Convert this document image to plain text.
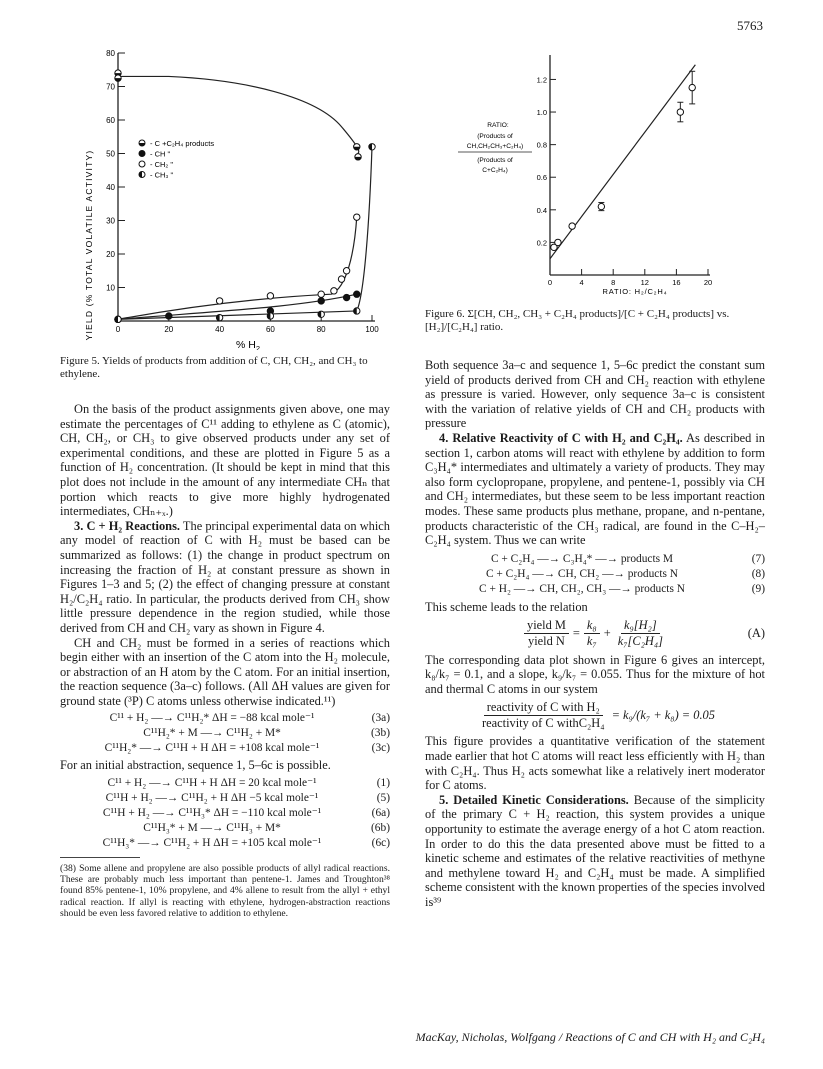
5763
10
20
30
40
50
60
70
80
0	20	40	60	80	100
YIELD (% TOTAL VOLATILE ACTIVITY)
% $H_2$
- C +C₂H₄ products
- CH "
- CH₂ "
- CH₃ "
Figure 5. Yields of products from addition of C, CH, CH₂, and CH₃ to ethylene.
0.2
0.4
0.6
0.8
1.0
1.2
0	4	8	12	16	20
RATIO:
(Products of
CH,CH₂CH₃+C₂H₄)
(Products of
C+C₂H₄)
RATIO: H₂/C₂H₄
Figure 6. Σ[CH, CH₂, CH₃ + C₂H₄ products]/[C + C₂H₄ products] vs. [H₂]/[C₂H₄] ratio.

On the basis of the product assignments given above, one may estimate the percentages of C¹¹ adding to ethylene as C (atomic), CH, CH₂, or CH₃ to give observed products under any set of experimental conditions, and these are plotted in Figure 5 as a function of H₂ concentration. (It should be kept in mind that this plot does not include in the amount of any intermediate CHₙ that portion which reacts to give more highly hydrogenated intermediates, CHₙ₊ₓ.)

3. C + H₂ Reactions. The principal experimental data on which any model of reaction of C with H₂ must be based can be summarized as follows: (1) the change in product spectrum on increasing the fraction of H₂ at constant pressure as shown in Figures 1–3 and 5; (2) the effect of changing pressure at constant H₂/C₂H₄ ratio. In particular, the products derived from CH₃ show little pressure dependence in the region studied, while those derived from CH and CH₂ vary as shown in Figure 4.

CH and CH₂ must be formed in a series of reactions which begin either with an insertion of the C atom into the H₂ molecule, or abstraction of an H atom by the C atom. For an initial insertion, the reaction sequence (3a–c) follows. (All ΔH values are given for ground state (³P) C atoms unless otherwise indicated.¹¹)

C¹¹ + H₂ —→ C¹¹H₂* ΔH = −88 kcal mole⁻¹	(3a)
C¹¹H₂* + M —→ C¹¹H₂ + M*	(3b)
C¹¹H₂* —→ C¹¹H + H ΔH = +108 kcal mole⁻¹	(3c)

For an initial abstraction, sequence 1, 5–6c is possible.

C¹¹ + H₂ —→ C¹¹H + H ΔH = 20 kcal mole⁻¹	(1)
C¹¹H + H₂ —→ C¹¹H₂ + H ΔH −5 kcal mole⁻¹	(5)
C¹¹H + H₂ —→ C¹¹H₃* ΔH = −110 kcal mole⁻¹	(6a)
C¹¹H₃* + M —→ C¹¹H₃ + M*	(6b)
C¹¹H₃* —→ C¹¹H₂ + H ΔH = +105 kcal mole⁻¹	(6c)
(38) Some allene and propylene are also possible products of allyl radical reactions. These are probably much less important than pentene-1. James and Troughton³⁸ found 85% pentene-1, 10% propylene, and 4% allene to result from the allyl + ethyl radical reaction. If allyl is reacting with ethylene, hydrogen-abstraction reactions should be even less favored relative to addition to ethylene.

Both sequence 3a–c and sequence 1, 5–6c predict the constant sum yield of products derived from CH and CH₂ reaction with ethylene as pressure is varied. However, only sequence 3a–c is consistent with the variation of relative yields of CH and CH₂ products with pressure

4. Relative Reactivity of C with H₂ and C₂H₄. As described in section 1, carbon atoms will react with ethylene by addition to form C₃H₄* intermediates and ultimately a variety of products. They may also form cyclopropane, propylene, and pentene-1, possibly via CH and CH₂ intermediates, but these seem to be less important reaction modes. These same products plus methane, propane, and n-pentane, products characteristic of the CH₃ radical, are found in the C–H₂–C₂H₄ system. Thus we can write

C + C₂H₄ —→ C₃H₄* —→ products M	(7)
C + C₂H₄ —→ CH, CH₂ —→ products N	(8)
C + H₂ —→ CH, CH₂, CH₃ —→ products N	(9)

This scheme leads to the relation

$\frac{\text{yield M}}{\text{yield N}} = \frac{\text{k₈}}{\text{k₇}} + \frac{\text{k₉[H₂]}}{\text{k₇[C₂H₄]}}$	(A)

The corresponding data plot shown in Figure 6 gives an intercept, k₈/k₇ = 0.1, and a slope, k₉/k₇ = 0.055. Thus for the mixture of hot and thermal C atoms in our system

$\frac{\text{reactivity of C with H₂}}{\text{reactivity of C withC₂H₄}} = k_9/(k_7 + k_8) = 0.05$

This figure provides a quantitative verification of the statement made earlier that hot C atoms will react less efficiently with H₂ than with C₂H₄. Thus H₂ acts somewhat like a relatively inert moderator for C atoms.

5. Detailed Kinetic Considerations. Because of the simplicity of the primary C + H₂ reaction, this system provides a unique opportunity to estimate the average energy of a hot C atom reaction. In order to do this the data presented above must be fitted to a kinetic scheme and estimates of the relative reactivities of methyne and methylene toward H₂ and C₂H₄ must be made. A simplified scheme consistent with the known properties of the species involved is³⁹

MacKay, Nicholas, Wolfgang / Reactions of C and CH with H₂ and C₂H₄
